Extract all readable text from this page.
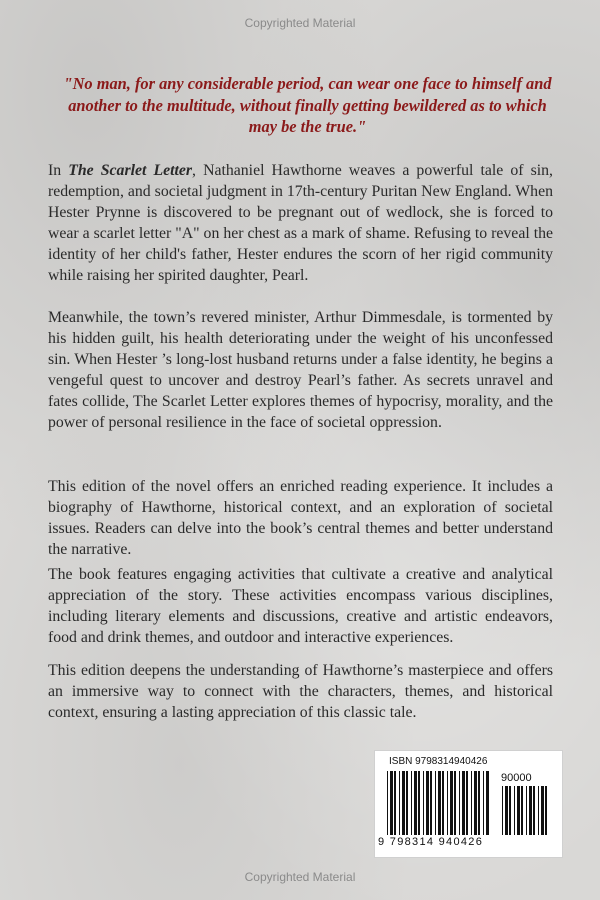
Copyrighted Material
"No man, for any considerable period, can wear one face to himself and another to the multitude, without finally getting bewildered as to which may be the true."

In The Scarlet Letter, Nathaniel Hawthorne weaves a powerful tale of sin, redemption, and societal judgment in 17th-century Puritan New England. When Hester Prynne is discovered to be pregnant out of wedlock, she is forced to wear a scarlet letter "A" on her chest as a mark of shame. Refusing to reveal the identity of her child's father, Hester endures the scorn of her rigid community while raising her spirited daughter, Pearl.

Meanwhile, the town’s revered minister, Arthur Dimmesdale, is tormented by his hidden guilt, his health deteriorating under the weight of his unconfessed sin. When Hester ’s long-lost husband returns under a false identity, he begins a vengeful quest to uncover and destroy Pearl’s father. As secrets unravel and fates collide, The Scarlet Letter explores themes of hypocrisy, morality, and the power of personal resilience in the face of societal oppression.

This edition of the novel offers an enriched reading experience. It includes a biography of Hawthorne, historical context, and an exploration of societal issues. Readers can delve into the book’s central themes and better understand the narrative.

The book features engaging activities that cultivate a creative and analytical appreciation of the story. These activities encompass various disciplines, including literary elements and discussions, creative and artistic endeavors, food and drink themes, and outdoor and interactive experiences.

This edition deepens the understanding of Hawthorne’s masterpiece and offers an immersive way to connect with the characters, themes, and historical context, ensuring a lasting appreciation of this classic tale.

ISBN 9798314940426
90000
9 798314 940426
Copyrighted Material
